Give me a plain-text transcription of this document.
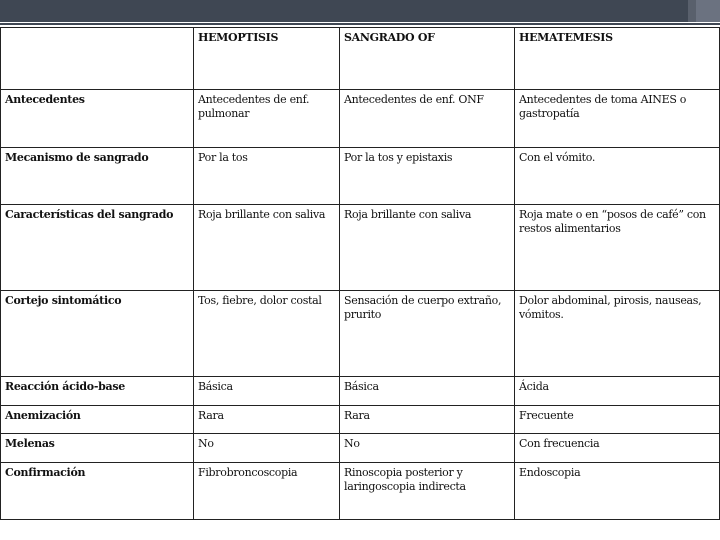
	HEMOPTISIS	SANGRADO OF	HEMATEMESIS
Antecedentes	Antecedentes de enf. pulmonar	Antecedentes de enf. ONF	Antecedentes de toma AINES o gastropatía
Mecanismo de sangrado	Por la tos	Por la tos y epistaxis	Con el vómito.
Características del sangrado	Roja brillante con saliva	Roja brillante con saliva	Roja mate o en “posos de café” con restos alimentarios
Cortejo sintomático	Tos, fiebre, dolor costal	Sensación de cuerpo extraño, prurito	Dolor abdominal, pirosis, nauseas, vómitos.
Reacción ácido-base	Básica	Básica	Ácida
Anemización	Rara	Rara	Frecuente
Melenas	No	No	Con frecuencia
Confirmación	Fibrobroncoscopia	Rinoscopia posterior y laringoscopia indirecta	Endoscopia
